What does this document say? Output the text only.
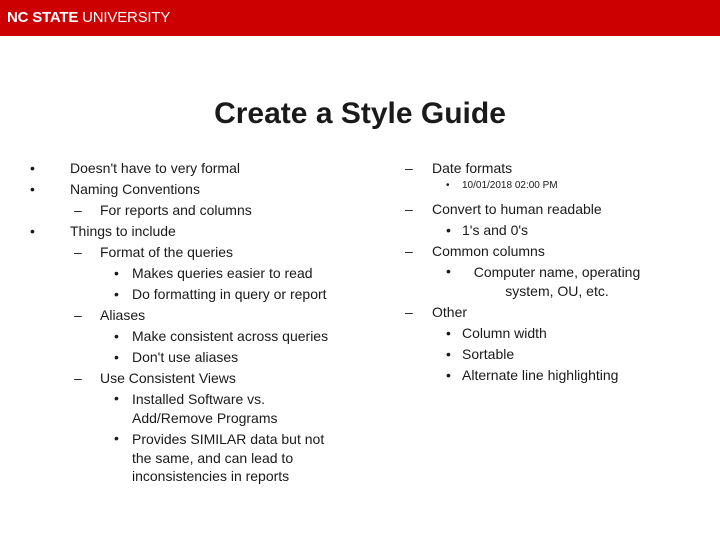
NC STATE UNIVERSITY
Create a Style Guide
•	Doesn't have to very formal
•	Naming Conventions
– For reports and columns
•	Things to include
– Format of the queries
• Makes queries easier to read
• Do formatting in query or report
– Aliases
• Make consistent across queries
• Don't use aliases
– Use Consistent Views
• Installed Software vs. Add/Remove Programs
• Provides SIMILAR data but not the same, and can lead to inconsistencies in reports
– Date formats
• 10/01/2018 02:00 PM
– Convert to human readable
• 1's and 0's
– Common columns
• Computer name, operating system, OU, etc.
– Other
• Column width
• Sortable
• Alternate line highlighting
